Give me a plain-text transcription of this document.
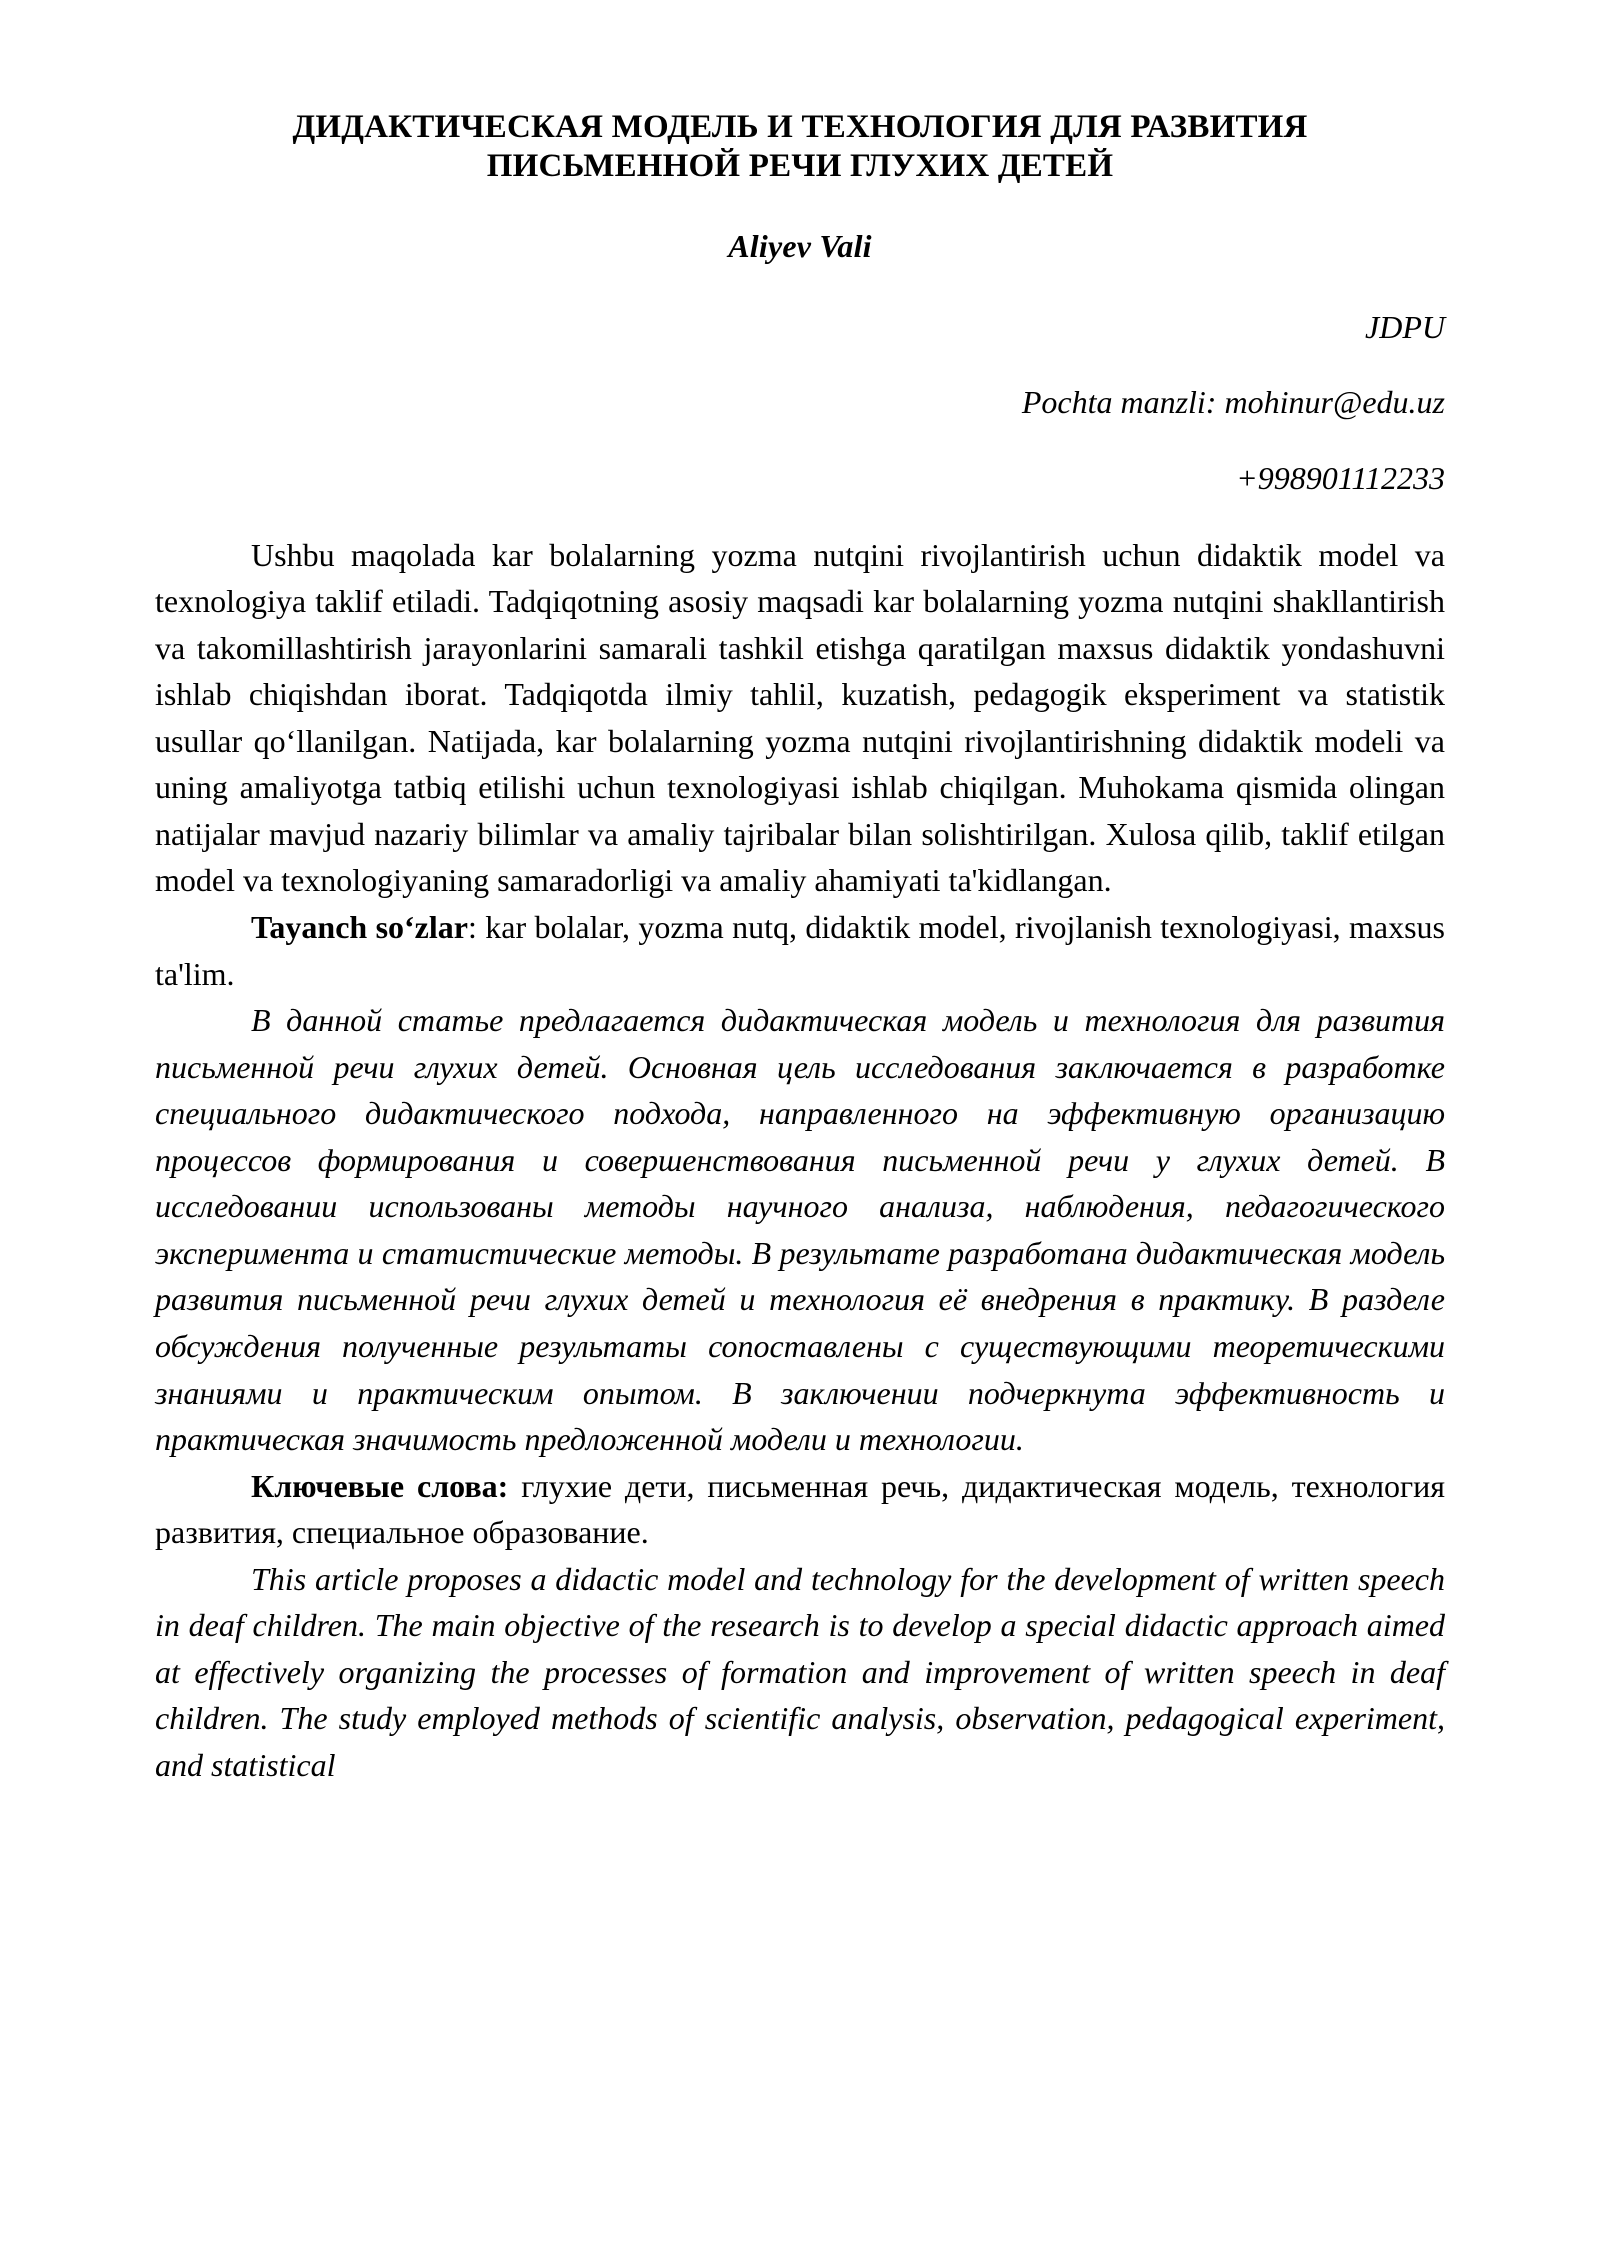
ДИДАКТИЧЕСКАЯ МОДЕЛЬ И ТЕХНОЛОГИЯ ДЛЯ РАЗВИТИЯ
ПИСЬМЕННОЙ РЕЧИ ГЛУХИХ ДЕТЕЙ
Aliyev Vali
JDPU
Pochta manzli: mohinur@edu.uz
+998901112233

Ushbu maqolada kar bolalarning yozma nutqini rivojlantirish uchun didaktik model va texnologiya taklif etiladi. Tadqiqotning asosiy maqsadi kar bolalarning yozma nutqini shakllantirish va takomillashtirish jarayonlarini samarali tashkil etishga qaratilgan maxsus didaktik yondashuvni ishlab chiqishdan iborat. Tadqiqotda ilmiy tahlil, kuzatish, pedagogik eksperiment va statistik usullar qo‘llanilgan. Natijada, kar bolalarning yozma nutqini rivojlantirishning didaktik modeli va uning amaliyotga tatbiq etilishi uchun texnologiyasi ishlab chiqilgan. Muhokama qismida olingan natijalar mavjud nazariy bilimlar va amaliy tajribalar bilan solishtirilgan. Xulosa qilib, taklif etilgan model va texnologiyaning samaradorligi va amaliy ahamiyati ta'kidlangan.

Tayanch so‘zlar: kar bolalar, yozma nutq, didaktik model, rivojlanish texnologiyasi, maxsus ta'lim.

В данной статье предлагается дидактическая модель и технология для развития письменной речи глухих детей. Основная цель исследования заключается в разработке специального дидактического подхода, направленного на эффективную организацию процессов формирования и совершенствования письменной речи у глухих детей. В исследовании использованы методы научного анализа, наблюдения, педагогического эксперимента и статистические методы. В результате разработана дидактическая модель развития письменной речи глухих детей и технология её внедрения в практику. В разделе обсуждения полученные результаты сопоставлены с существующими теоретическими знаниями и практическим опытом. В заключении подчеркнута эффективность и практическая значимость предложенной модели и технологии.

Ключевые слова: глухие дети, письменная речь, дидактическая модель, технология развития, специальное образование.

This article proposes a didactic model and technology for the development of written speech in deaf children. The main objective of the research is to develop a special didactic approach aimed at effectively organizing the processes of formation and improvement of written speech in deaf children. The study employed methods of scientific analysis, observation, pedagogical experiment, and statistical
